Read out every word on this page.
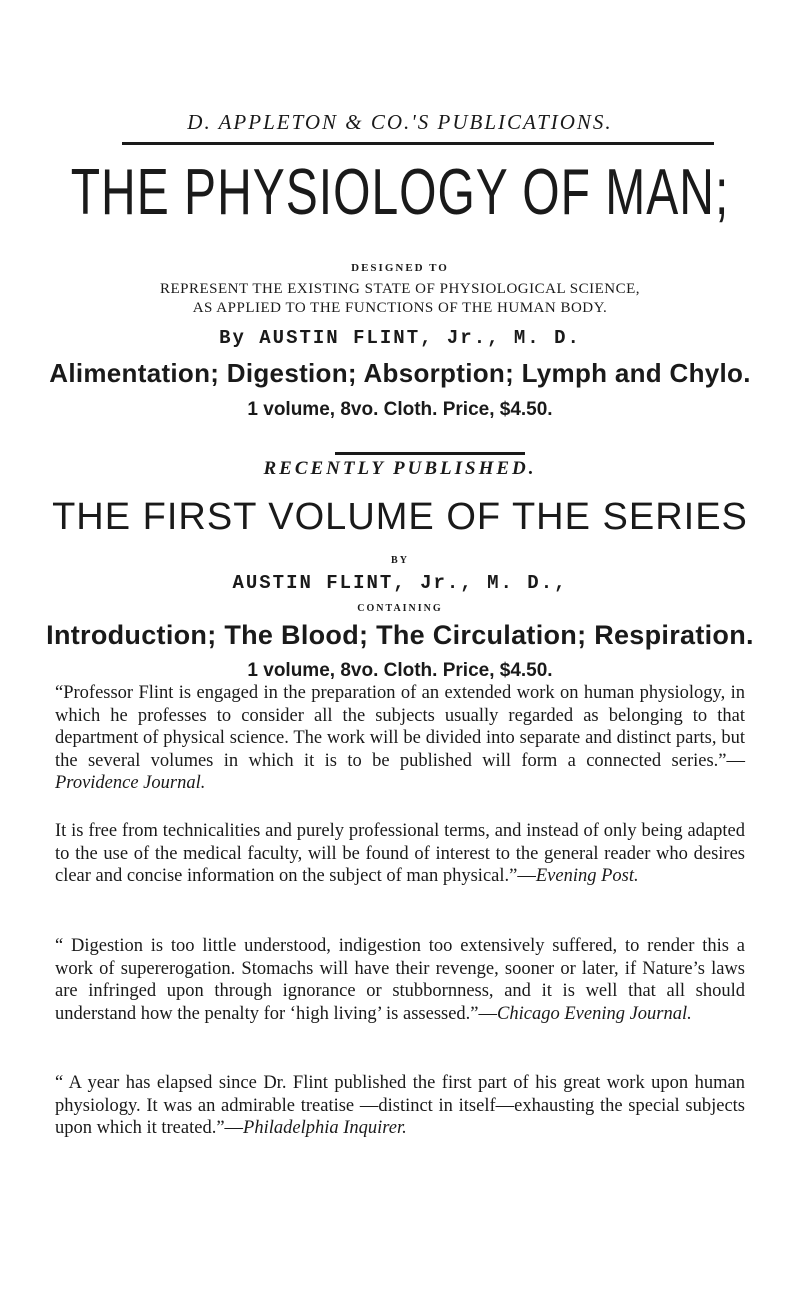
D. APPLETON & CO.'S PUBLICATIONS.
THE PHYSIOLOGY OF MAN;
DESIGNED TO
REPRESENT THE EXISTING STATE OF PHYSIOLOGICAL SCIENCE,
AS APPLIED TO THE FUNCTIONS OF THE HUMAN BODY.
By AUSTIN FLINT, Jr., M. D.
Alimentation; Digestion; Absorption; Lymph and Chylo.
1 volume, 8vo. Cloth. Price, $4.50.
RECENTLY PUBLISHED.
THE FIRST VOLUME OF THE SERIES
BY
AUSTIN FLINT, Jr., M. D.,
CONTAINING
Introduction; The Blood; The Circulation; Respiration.
1 volume, 8vo. Cloth. Price, $4.50.
“Professor Flint is engaged in the preparation of an extended work on human physiology, in which he professes to consider all the subjects usually regarded as belonging to that department of physical science. The work will be divided into separate and distinct parts, but the several volumes in which it is to be published will form a connected series.”—Providence Journal.
It is free from technicalities and purely professional terms, and instead of only being adapted to the use of the medical faculty, will be found of interest to the general reader who desires clear and concise information on the subject of man physical.”—Evening Post.
“ Digestion is too little understood, indigestion too extensively suffered, to render this a work of supererogation. Stomachs will have their revenge, sooner or later, if Nature’s laws are infringed upon through ignorance or stubbornness, and it is well that all should understand how the penalty for ‘high living’ is assessed.”—Chicago Evening Journal.
“ A year has elapsed since Dr. Flint published the first part of his great work upon human physiology. It was an admirable treatise —distinct in itself—exhausting the special subjects upon which it treated.”—Philadelphia Inquirer.
